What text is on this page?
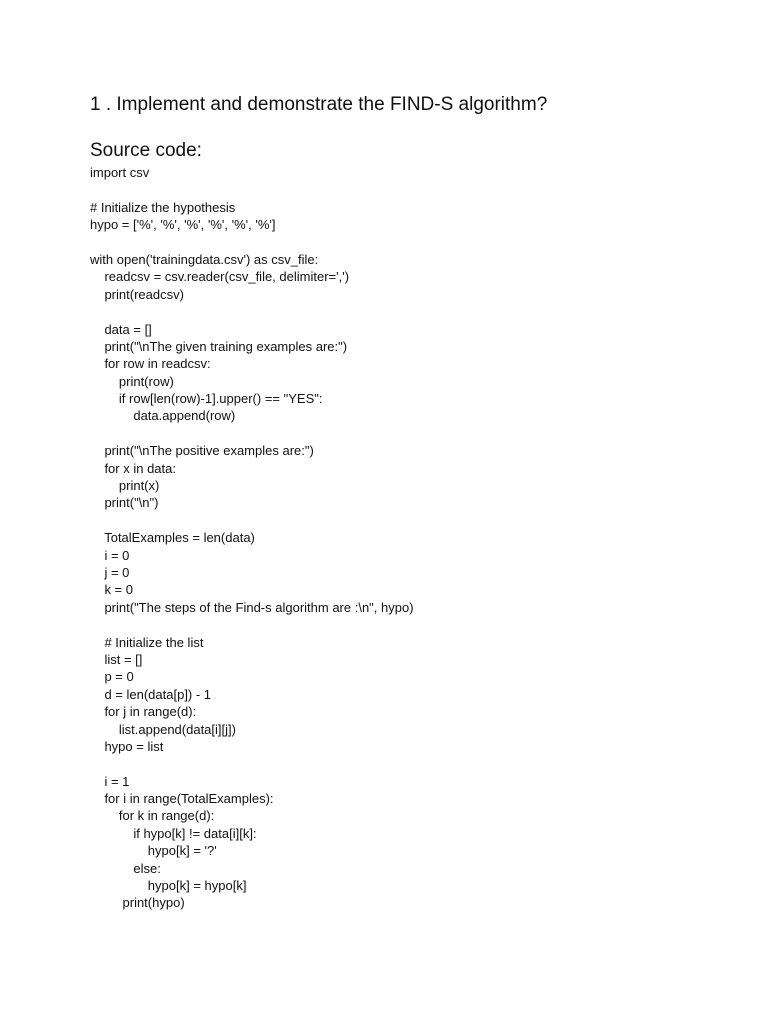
1 . Implement and demonstrate the FIND-S algorithm?
Source code:
import csv
# Initialize the hypothesis
hypo = ['%', '%', '%', '%', '%', '%']
with open('trainingdata.csv') as csv_file:
readcsv = csv.reader(csv_file, delimiter=',')
print(readcsv)
data = []
print("\nThe given training examples are:")
for row in readcsv:
print(row)
if row[len(row)-1].upper() == "YES":
data.append(row)
print("\nThe positive examples are:")
for x in data:
print(x)
print("\n")
TotalExamples = len(data)
i = 0
j = 0
k = 0
print("The steps of the Find-s algorithm are :\n", hypo)
# Initialize the list
list = []
p = 0
d = len(data[p]) - 1
for j in range(d):
list.append(data[i][j])
hypo = list
i = 1
for i in range(TotalExamples):
for k in range(d):
if hypo[k] != data[i][k]:
hypo[k] = '?'
else:
hypo[k] = hypo[k]
print(hypo)
